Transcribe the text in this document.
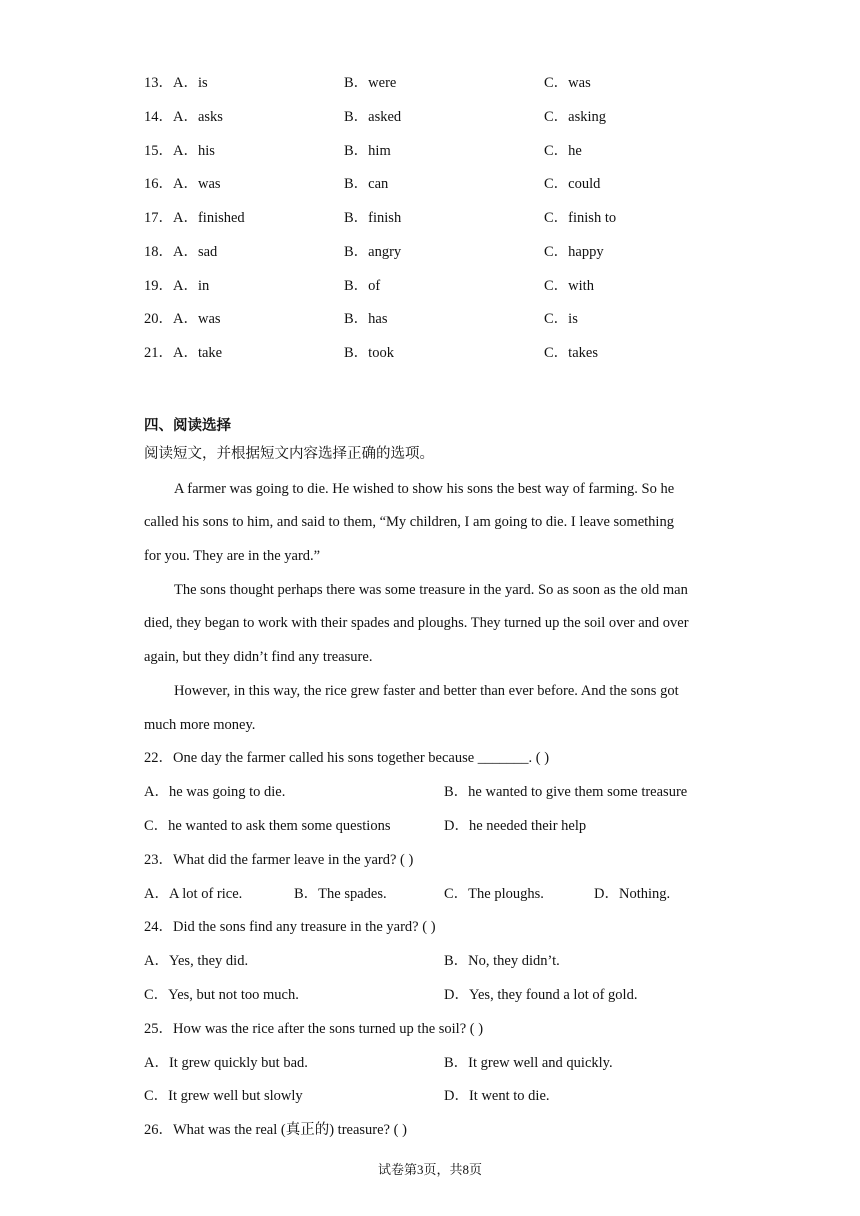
13．A．is	B．were	C．was
14．A．asks	B．asked	C．asking
15．A．his	B．him	C．he
16．A．was	B．can	C．could
17．A．finished	B．finish	C．finish to
18．A．sad	B．angry	C．happy
19．A．in	B．of	C．with
20．A．was	B．has	C．is
21．A．take	B．took	C．takes
四、阅读选择
阅读短文，并根据短文内容选择正确的选项。
A farmer was going to die. He wished to show his sons the best way of farming. So he
called his sons to him, and said to them, “My children, I am going to die. I leave something
for you. They are in the yard.”
The sons thought perhaps there was some treasure in the yard. So as soon as the old man
died, they began to work with their spades and ploughs. They turned up the soil over and over
again, but they didn’t find any treasure.
However, in this way, the rice grew faster and better than ever before. And the sons got
much more money.
22．One day the farmer called his sons together because _______. ( )
A．he was going to die.	B．he wanted to give them some treasure
C．he wanted to ask them some questions	D．he needed their help
23．What did the farmer leave in the yard? ( )
A．A lot of rice.	B．The spades.	C．The ploughs.	D．Nothing.
24．Did the sons find any treasure in the yard? ( )
A．Yes, they did.	B．No, they didn’t.
C．Yes, but not too much.	D．Yes, they found a lot of gold.
25．How was the rice after the sons turned up the soil? ( )
A．It grew quickly but bad.	B．It grew well and quickly.
C．It grew well but slowly	D．It went to die.
26．What was the real (真正的) treasure? ( )
试卷第3页，共8页
